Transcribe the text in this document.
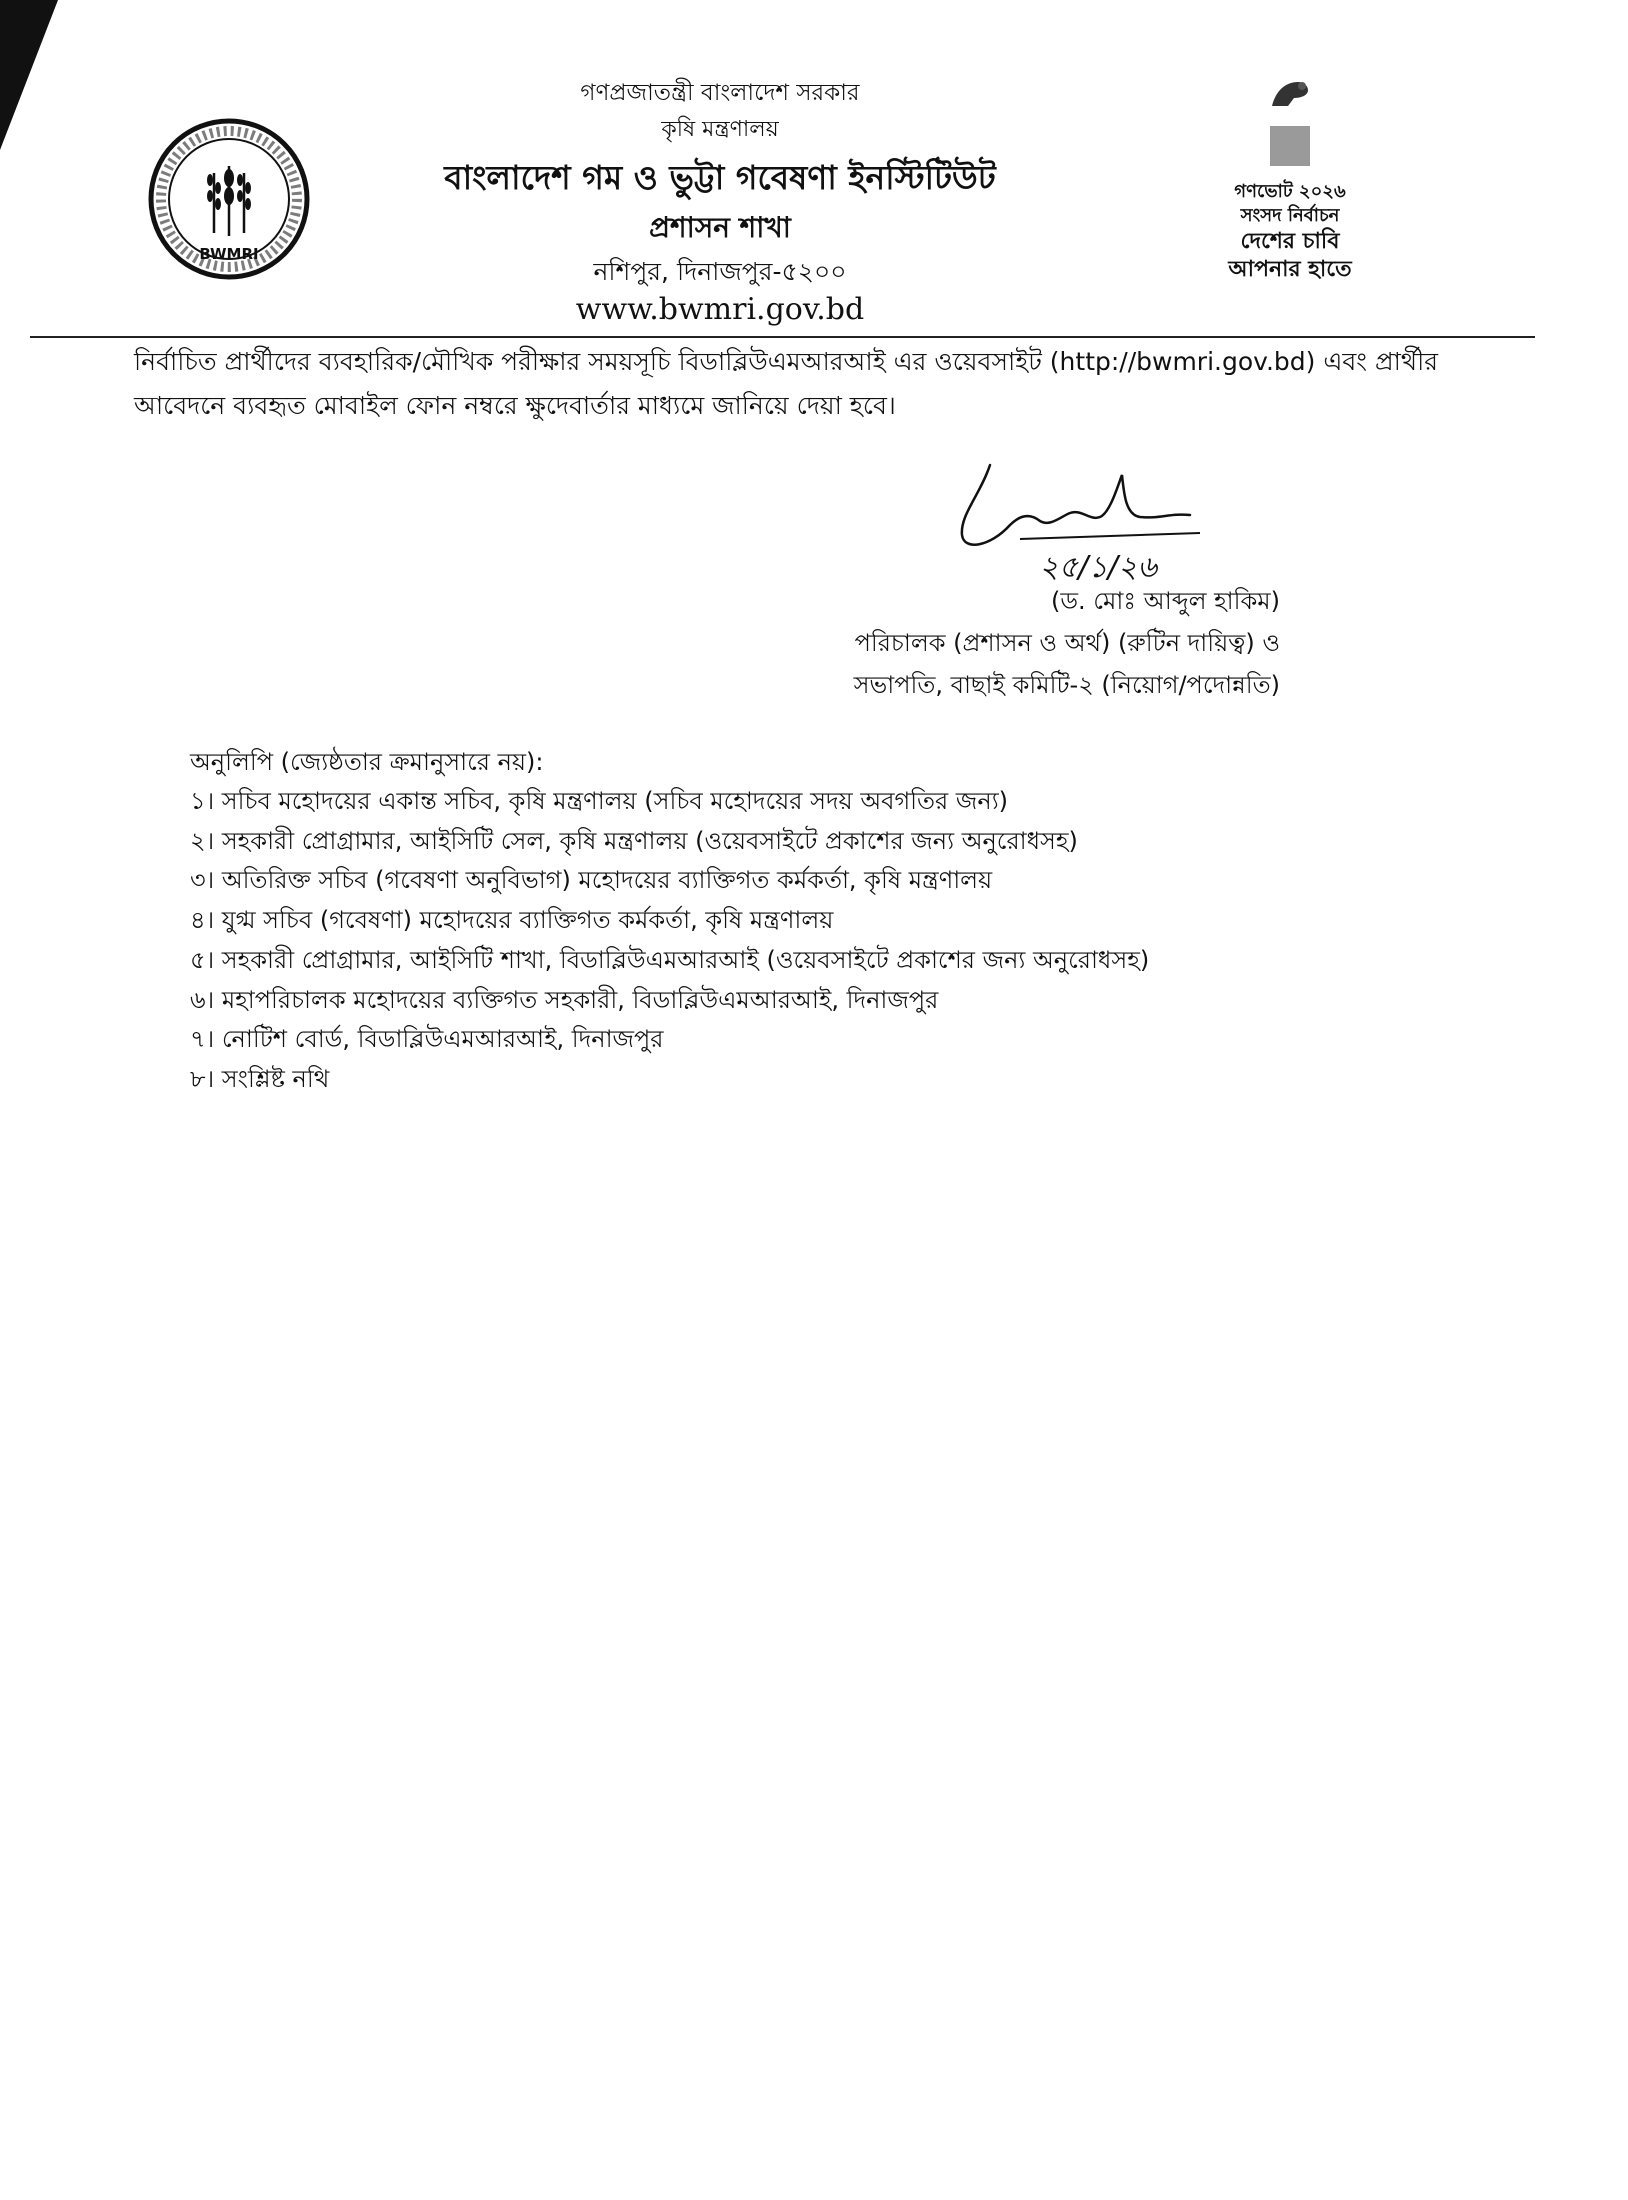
BWMRI
গণপ্রজাতন্ত্রী বাংলাদেশ সরকার
কৃষি মন্ত্রণালয়
বাংলাদেশ গম ও ভুট্টা গবেষণা ইনস্টিটিউট
প্রশাসন শাখা
নশিপুর, দিনাজপুর-৫২০০
www.bwmri.gov.bd
গণভোট ২০২৬
সংসদ নির্বাচন
দেশের চাবি
আপনার হাতে
নির্বাচিত প্রার্থীদের ব্যবহারিক/মৌখিক পরীক্ষার সময়সূচি বিডাব্লিউএমআরআই এর ওয়েবসাইট (http://bwmri.gov.bd) এবং প্রার্থীর আবেদনে ব্যবহৃত মোবাইল ফোন নম্বরে ক্ষুদেবার্তার মাধ্যমে জানিয়ে দেয়া হবে।
২৫/১/২৬
(ড. মোঃ আব্দুল হাকিম)
পরিচালক (প্রশাসন ও অর্থ) (রুটিন দায়িত্ব) ও
সভাপতি, বাছাই কমিটি-২ (নিয়োগ/পদোন্নতি)
অনুলিপি (জ্যেষ্ঠতার ক্রমানুসারে নয়):
১। সচিব মহোদয়ের একান্ত সচিব, কৃষি মন্ত্রণালয় (সচিব মহোদয়ের সদয় অবগতির জন্য)
২। সহকারী প্রোগ্রামার, আইসিটি সেল, কৃষি মন্ত্রণালয় (ওয়েবসাইটে প্রকাশের জন্য অনুরোধসহ)
৩। অতিরিক্ত সচিব (গবেষণা অনুবিভাগ) মহোদয়ের ব্যাক্তিগত কর্মকর্তা, কৃষি মন্ত্রণালয়
৪। যুগ্ম সচিব (গবেষণা) মহোদয়ের ব্যাক্তিগত কর্মকর্তা, কৃষি মন্ত্রণালয়
৫। সহকারী প্রোগ্রামার, আইসিটি শাখা, বিডাব্লিউএমআরআই (ওয়েবসাইটে প্রকাশের জন্য অনুরোধসহ)
৬। মহাপরিচালক মহোদয়ের ব্যক্তিগত সহকারী, বিডাব্লিউএমআরআই, দিনাজপুর
৭। নোটিশ বোর্ড, বিডাব্লিউএমআরআই, দিনাজপুর
৮। সংশ্লিষ্ট নথি
